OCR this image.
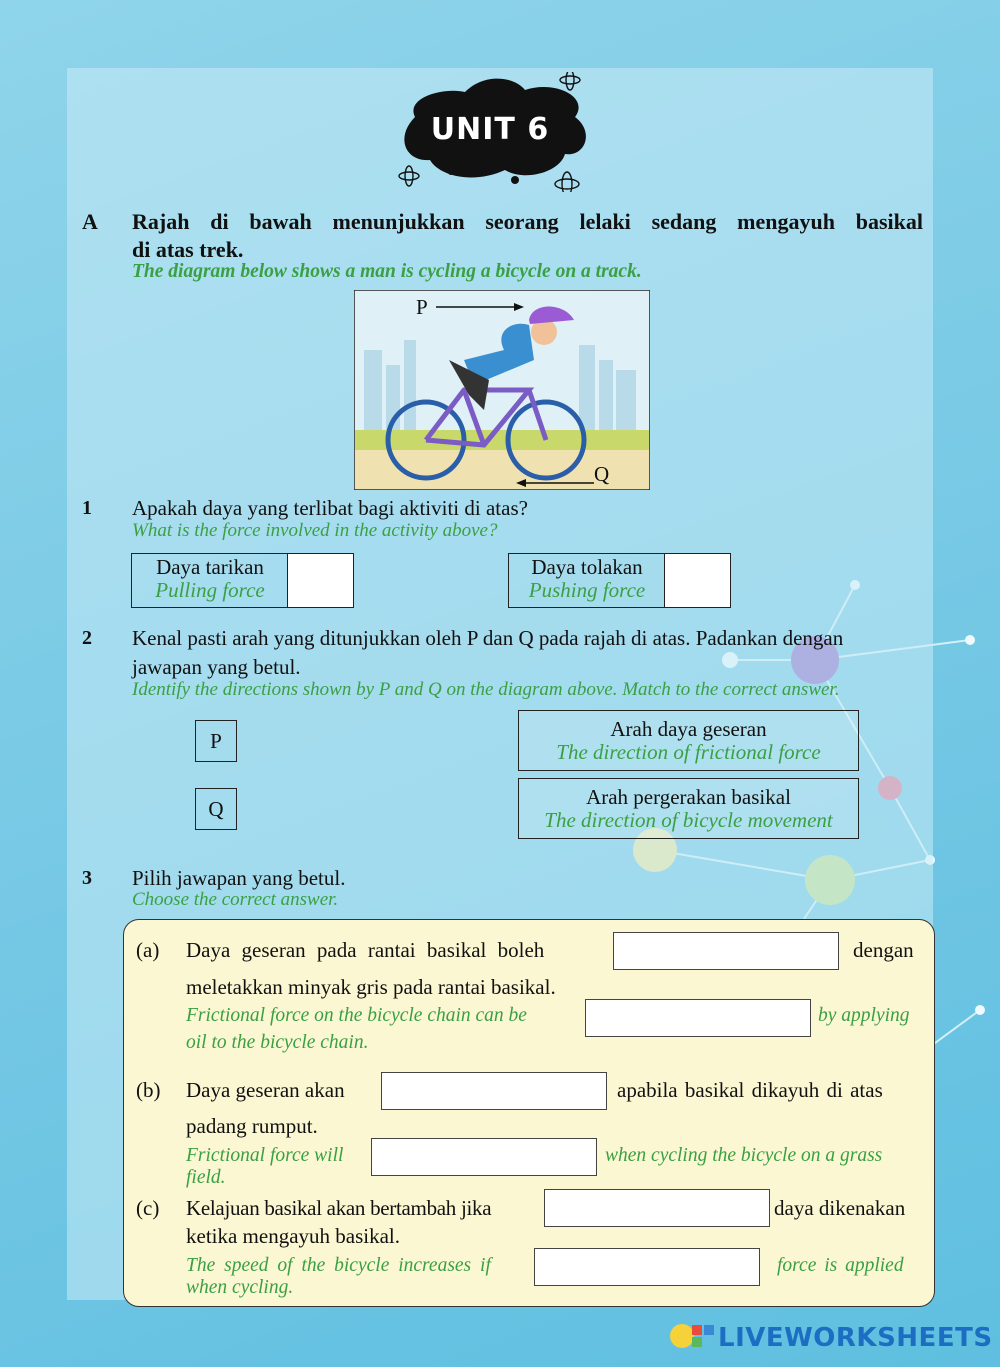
UNIT 6
A Rajah di bawah menunjukkan seorang lelaki sedang mengayuh basikal
di atas trek.
The diagram below shows a man is cycling a bicycle on a track.
P
Q
1 Apakah daya yang terlibat bagi aktiviti di atas?
What is the force involved in the activity above?
Daya tarikan
Pulling force
Daya tolakan
Pushing force
2 Kenal pasti arah yang ditunjukkan oleh P dan Q pada rajah di atas. Padankan dengan
jawapan yang betul.
Identify the directions shown by P and Q on the diagram above. Match to the correct answer.
P
Q
Arah daya geseran
The direction of frictional force
Arah pergerakan basikal
The direction of bicycle movement
3 Pilih jawapan yang betul.
Choose the correct answer.
(a) Daya geseran pada rantai basikal boleh	dengan
meletakkan minyak gris pada rantai basikal.
Frictional force on the bicycle chain can be	by applying
oil to the bicycle chain.
(b) Daya geseran akan	apabila basikal dikayuh di atas
padang rumput.
Frictional force will	when cycling the bicycle on a grass
field.
(c) Kelajuan basikal akan bertambah jika	daya dikenakan
ketika mengayuh basikal.
The speed of the bicycle increases if	force is applied
when cycling.
LIVEWORKSHEETS
